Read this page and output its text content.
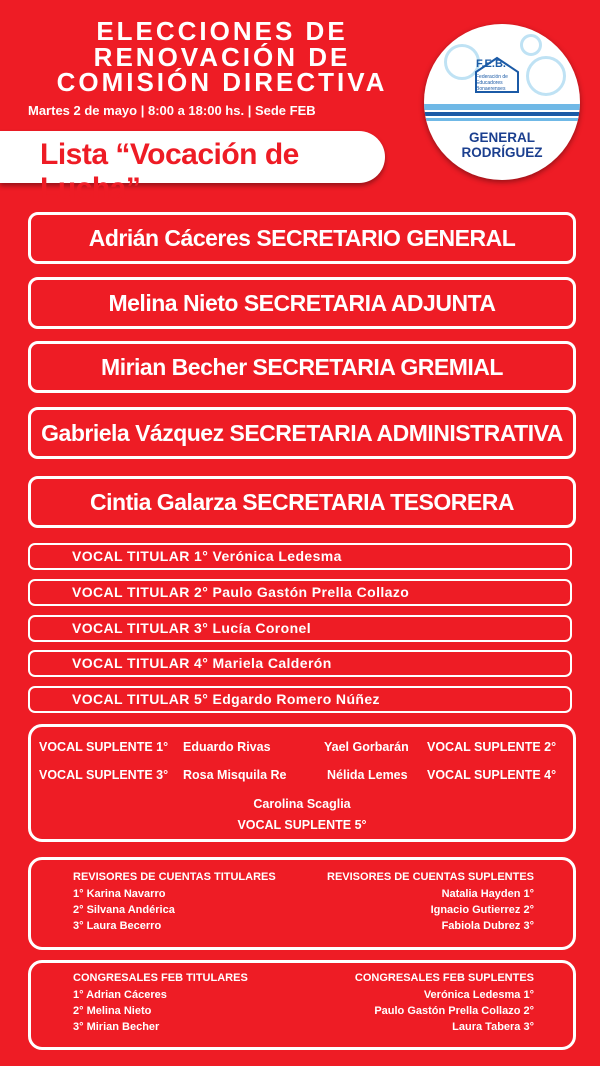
ELECCIONES DE
RENOVACIÓN DE
COMISIÓN DIRECTIVA
Martes 2 de mayo | 8:00 a 18:00 hs. | Sede FEB
Lista “Vocación de Lucha”
F.E.B.
Federación de Educadores Bonaerenses
GENERAL
RODRÍGUEZ
Adrián Cáceres SECRETARIO GENERAL
Melina Nieto SECRETARIA ADJUNTA
Mirian Becher SECRETARIA GREMIAL
Gabriela Vázquez SECRETARIA ADMINISTRATIVA
Cintia Galarza SECRETARIA TESORERA
VOCAL TITULAR 1° Verónica Ledesma
VOCAL TITULAR 2° Paulo Gastón Prella Collazo
VOCAL TITULAR 3° Lucía Coronel
VOCAL TITULAR 4° Mariela Calderón
VOCAL TITULAR 5° Edgardo Romero Núñez
VOCAL SUPLENTE 1° Eduardo Rivas	Yael Gorbarán VOCAL SUPLENTE 2°
VOCAL SUPLENTE 3° Rosa Misquila Re	Nélida Lemes VOCAL SUPLENTE 4°
Carolina Scaglia
VOCAL SUPLENTE 5°
REVISORES DE CUENTAS TITULARES
1° Karina Navarro
2° Silvana Andérica
3° Laura Becerro
REVISORES DE CUENTAS SUPLENTES
Natalia Hayden 1°
Ignacio Gutierrez 2°
Fabiola Dubrez 3°
CONGRESALES FEB TITULARES
1° Adrian Cáceres
2° Melina Nieto
3° Mirian Becher
CONGRESALES FEB SUPLENTES
Verónica Ledesma 1°
Paulo Gastón Prella Collazo 2°
Laura Tabera 3°
